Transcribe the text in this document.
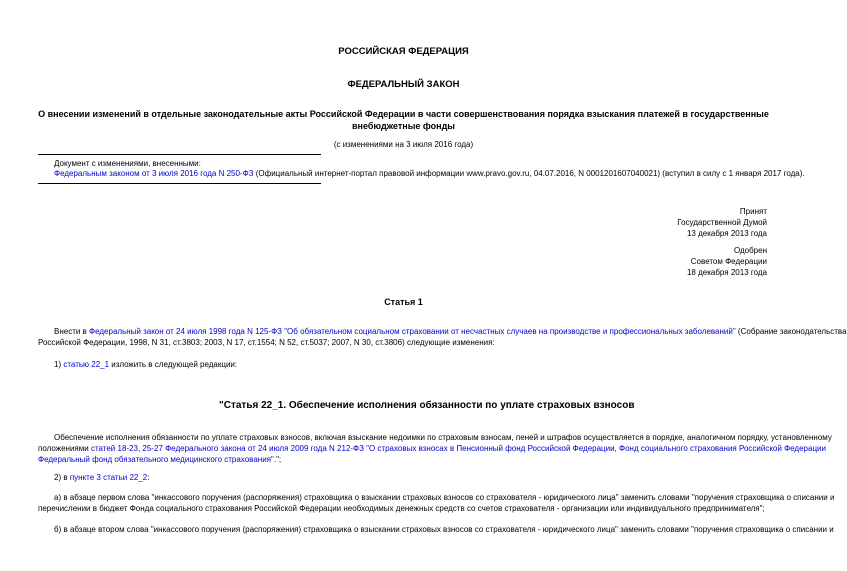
РОССИЙСКАЯ ФЕДЕРАЦИЯ
ФЕДЕРАЛЬНЫЙ ЗАКОН
О внесении изменений в отдельные законодательные акты Российской Федерации в части совершенствования порядка взыскания платежей в государственные
внебюджетные фонды
(с изменениями на 3 июля 2016 года)
Документ с изменениями, внесенными:
Федеральным законом от 3 июля 2016 года N 250-ФЗ (Официальный интернет-портал правовой информации www.pravo.gov.ru, 04.07.2016, N 0001201607040021) (вступил в силу с 1 января 2017 года).
Принят
Государственной Думой
13 декабря 2013 года
Одобрен
Советом Федерации
18 декабря 2013 года
Статья 1
Внести в Федеральный закон от 24 июля 1998 года N 125-ФЗ "Об обязательном социальном страховании от несчастных случаев на производстве и профессиональных заболеваний" (Собрание законодательства
Российской Федерации, 1998, N 31, ст.3803; 2003, N 17, ст.1554; N 52, ст.5037; 2007, N 30, ст.3806) следующие изменения:
1) статью 22_1 изложить в следующей редакции:
"Статья 22_1. Обеспечение исполнения обязанности по уплате страховых взносов
Обеспечение исполнения обязанности по уплате страховых взносов, включая взыскание недоимки по страховым взносам, пеней и штрафов осуществляется в порядке, аналогичном порядку, установленному
положениями статей 18-23, 25-27 Федерального закона от 24 июля 2009 года N 212-ФЗ "О страховых взносах в Пенсионный фонд Российской Федерации, Фонд социального страхования Российской Федерации
Федеральный фонд обязательного медицинского страхования".";
2) в пункте 3 статьи 22_2:
а) в абзаце первом слова "инкассового поручения (распоряжения) страховщика о взыскании страховых взносов со страхователя - юридического лица" заменить словами "поручения страховщика о списании и
перечислении в бюджет Фонда социального страхования Российской Федерации необходимых денежных средств со счетов страхователя - организации или индивидуального предпринимателя";
б) в абзаце втором слова "инкассового поручения (распоряжения) страховщика о взыскании страховых взносов со страхователя - юридического лица" заменить словами "поручения страховщика о списании и
